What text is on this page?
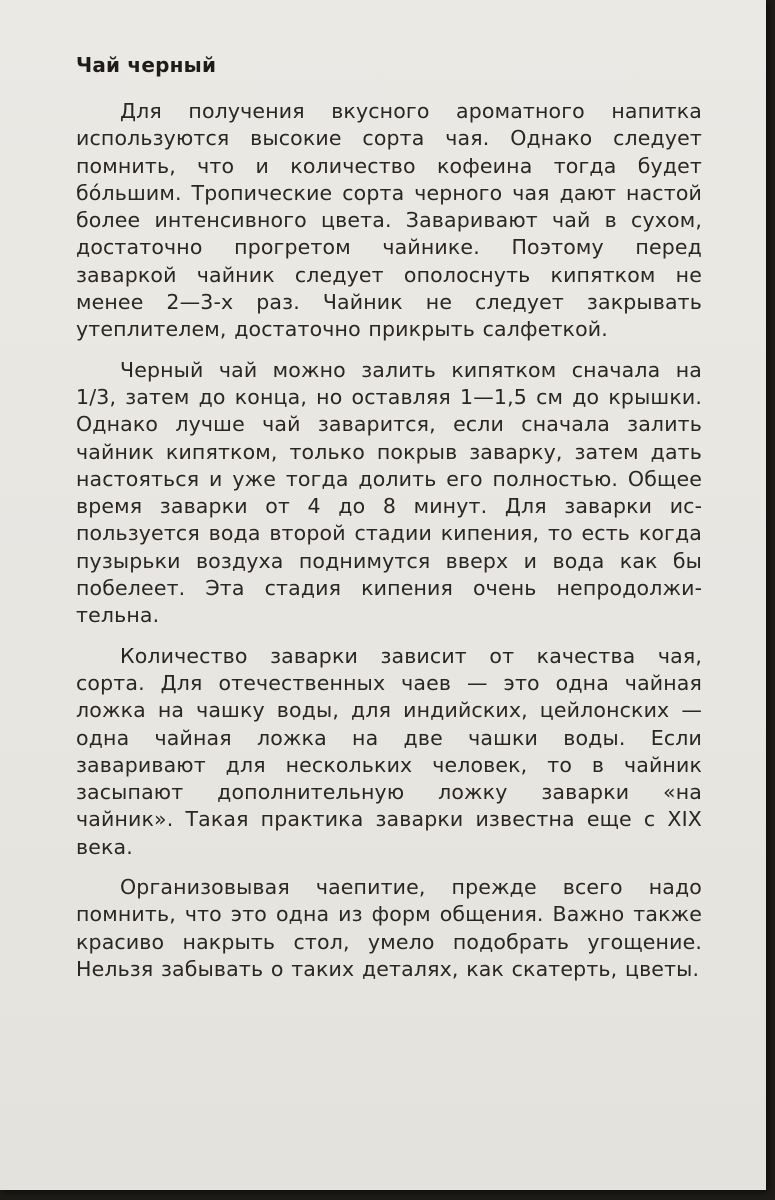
Чай черный

Для получения вкусного ароматного напитка используются высокие сорта чая. Однако следует помнить, что и количество кофеина тогда будет бóльшим. Тропические сорта черного чая дают настой более интенсивного цвета. Заваривают чай в сухом, достаточно прогретом чайнике. Поэтому перед заваркой чайник следует ополоснуть кипятком не менее 2—3-х раз. Чайник не следует закрывать утеплителем, достаточно прикрыть салфеткой.

Черный чай можно залить кипятком сначала на 1/3, затем до конца, но оставляя 1—1,5 см до крышки. Однако лучше чай заварится, если сначала залить чайник кипятком, только покрыв заварку, затем дать настояться и уже тогда долить его полностью. Общее время заварки от 4 до 8 минут. Для заварки используется вода второй стадии кипения, то есть когда пузырьки воздуха поднимутся вверх и вода как бы побелеет. Эта стадия кипения очень непродолжительна.

Количество заварки зависит от качества чая, сорта. Для отечественных чаев — это одна чайная ложка на чашку воды, для индийских, цейлонских — одна чайная ложка на две чашки воды. Если заваривают для нескольких человек, то в чайник засыпают дополнительную ложку заварки «на чайник». Такая практика заварки известна еще с XIX века.

Организовывая чаепитие, прежде всего надо помнить, что это одна из форм общения. Важно также красиво накрыть стол, умело подобрать угощение. Нельзя забывать о таких деталях, как скатерть, цветы.
